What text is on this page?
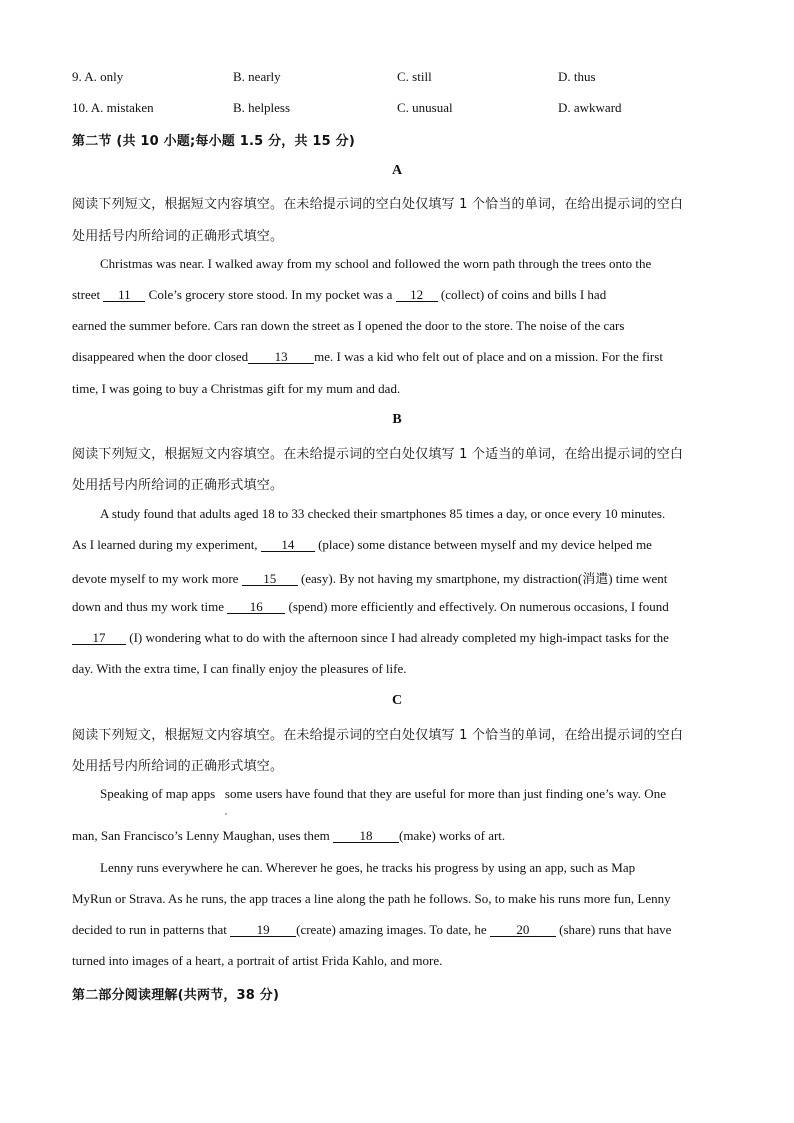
9. A. only	B. nearly	C. still	D. thus
10. A. mistaken	B. helpless	C. unusual	D. awkward
第二节 (共 10 小题;每小题 1.5 分，共 15 分)
A
阅读下列短文，根据短文内容填空。在未给提示词的空白处仅填写 1 个恰当的单词，在给出提示词的空白
处用括号内所给词的正确形式填空。
Christmas was near. I walked away from my school and followed the worn path through the trees onto the
street 11 Cole’s grocery store stood. In my pocket was a 12 (collect) of coins and bills I had
earned the summer before. Cars ran down the street as I opened the door to the store. The noise of the cars
disappeared when the door closed 13 me. I was a kid who felt out of place and on a mission. For the first
time, I was going to buy a Christmas gift for my mum and dad.
B
阅读下列短文，根据短文内容填空。在未给提示词的空白处仅填写 1 个适当的单词，在给出提示词的空白
处用括号内所给词的正确形式填空。
A study found that adults aged 18 to 33 checked their smartphones 85 times a day, or once every 10 minutes.
As I learned during my experiment, 14 (place) some distance between myself and my device helped me
devote myself to my work more 15 (easy). By not having my smartphone, my distraction(消遣) time went
down and thus my work time 16 (spend) more efficiently and effectively. On numerous occasions, I found
17 (I) wondering what to do with the afternoon since I had already completed my high-impact tasks for the
day. With the extra time, I can finally enjoy the pleasures of life.
C
阅读下列短文，根据短文内容填空。在未给提示词的空白处仅填写 1 个恰当的单词，在给出提示词的空白
处用括号内所给词的正确形式填空。
Speaking of map apps some users have found that they are useful for more than just finding one’s way. One
,
man, San Francisco’s Lenny Maughan, uses them 18 (make) works of art.
Lenny runs everywhere he can. Wherever he goes, he tracks his progress by using an app, such as Map
MyRun or Strava. As he runs, the app traces a line along the path he follows. So, to make his runs more fun, Lenny
decided to run in patterns that 19 (create) amazing images. To date, he 20 (share) runs that have
turned into images of a heart, a portrait of artist Frida Kahlo, and more.
第二部分阅读理解(共两节，38 分)
